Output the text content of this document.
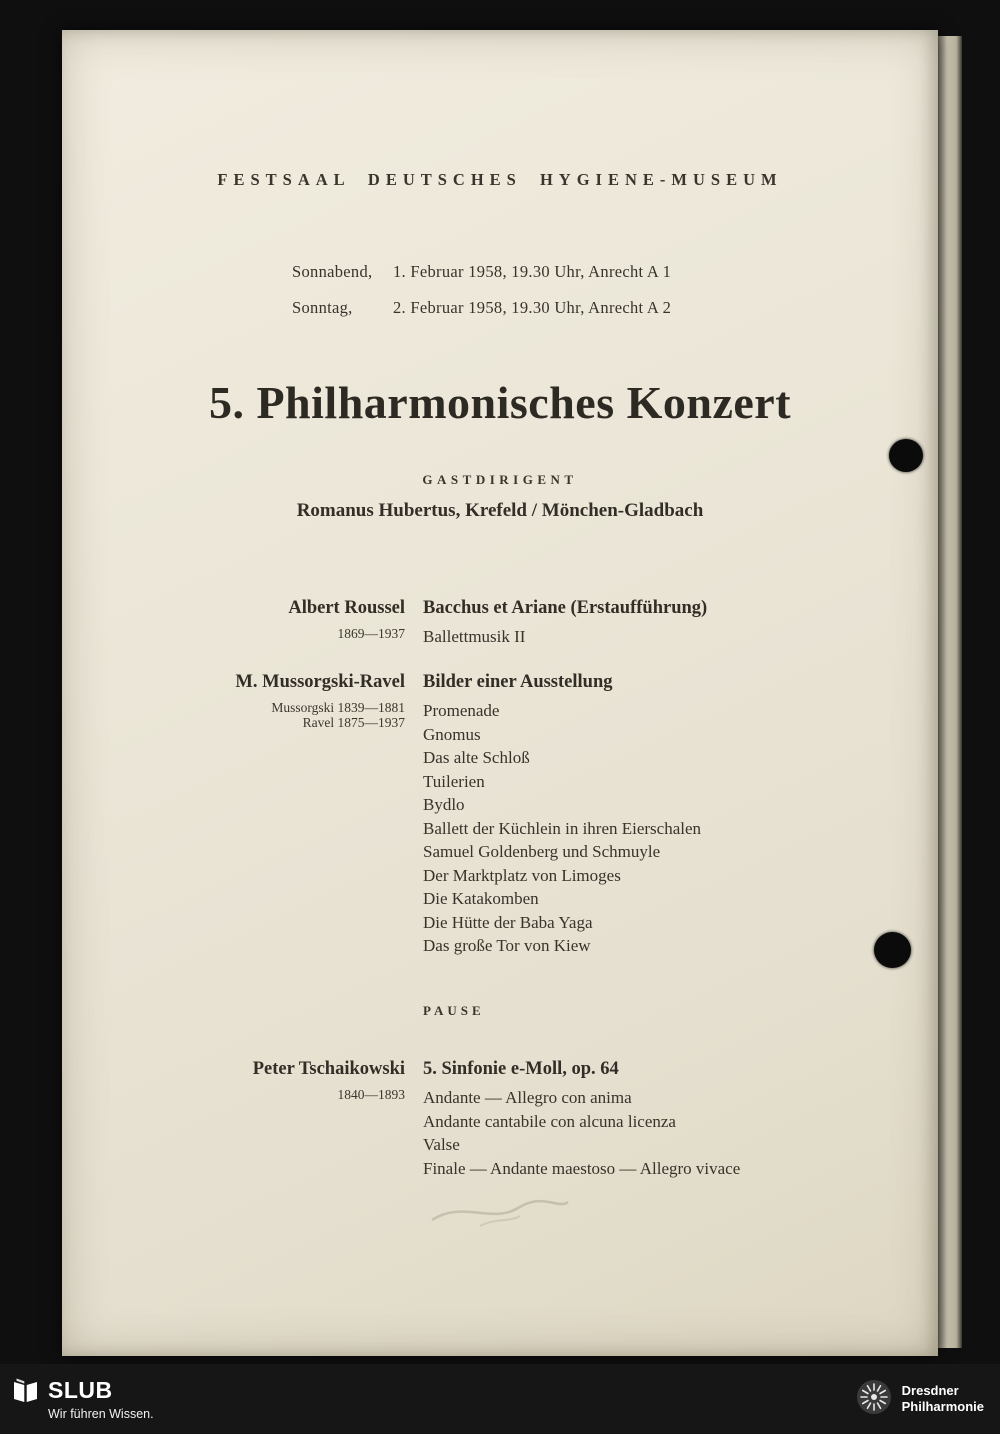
FESTSAAL DEUTSCHES HYGIENE-MUSEUM
Sonnabend, 1. Februar 1958, 19.30 Uhr, Anrecht A 1
Sonntag, 2. Februar 1958, 19.30 Uhr, Anrecht A 2
5. Philharmonisches Konzert
GASTDIRIGENT
Romanus Hubertus, Krefeld / Mönchen-Gladbach
Albert Roussel
1869—1937
Bacchus et Ariane (Erstaufführung)
Ballettmusik II
M. Mussorgski-Ravel
Mussorgski 1839—1881
Ravel 1875—1937
Bilder einer Ausstellung
Promenade
Gnomus
Das alte Schloß
Tuilerien
Bydlo
Ballett der Küchlein in ihren Eierschalen
Samuel Goldenberg und Schmuyle
Der Marktplatz von Limoges
Die Katakomben
Die Hütte der Baba Yaga
Das große Tor von Kiew
PAUSE
Peter Tschaikowski
1840—1893
5. Sinfonie e-Moll, op. 64
Andante — Allegro con anima
Andante cantabile con alcuna licenza
Valse
Finale — Andante maestoso — Allegro vivace
SLUB
Wir führen Wissen.
Dresdner
Philharmonie
